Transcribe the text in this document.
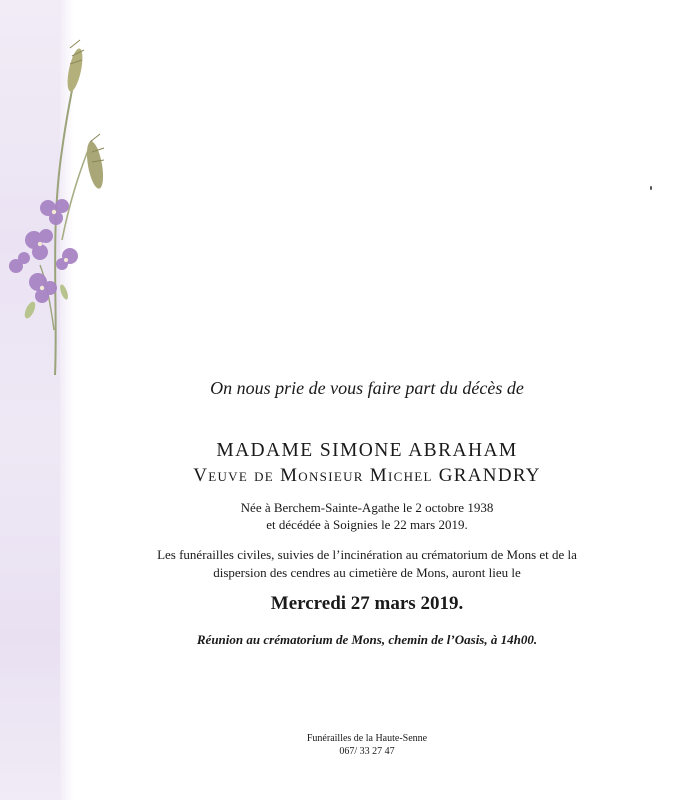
On nous prie de vous faire part du décès de
MADAME SIMONE ABRAHAM
Veuve de Monsieur Michel GRANDRY
Née à Berchem-Sainte-Agathe le 2 octobre 1938
et décédée à Soignies le 22 mars 2019.
Les funérailles civiles, suivies de l’incinération au crématorium de Mons et de la
dispersion des cendres au cimetière de Mons, auront lieu le
Mercredi 27 mars 2019.
Réunion au crématorium de Mons, chemin de l’Oasis, à 14h00.
Funérailles de la Haute-Senne
067/ 33 27 47
